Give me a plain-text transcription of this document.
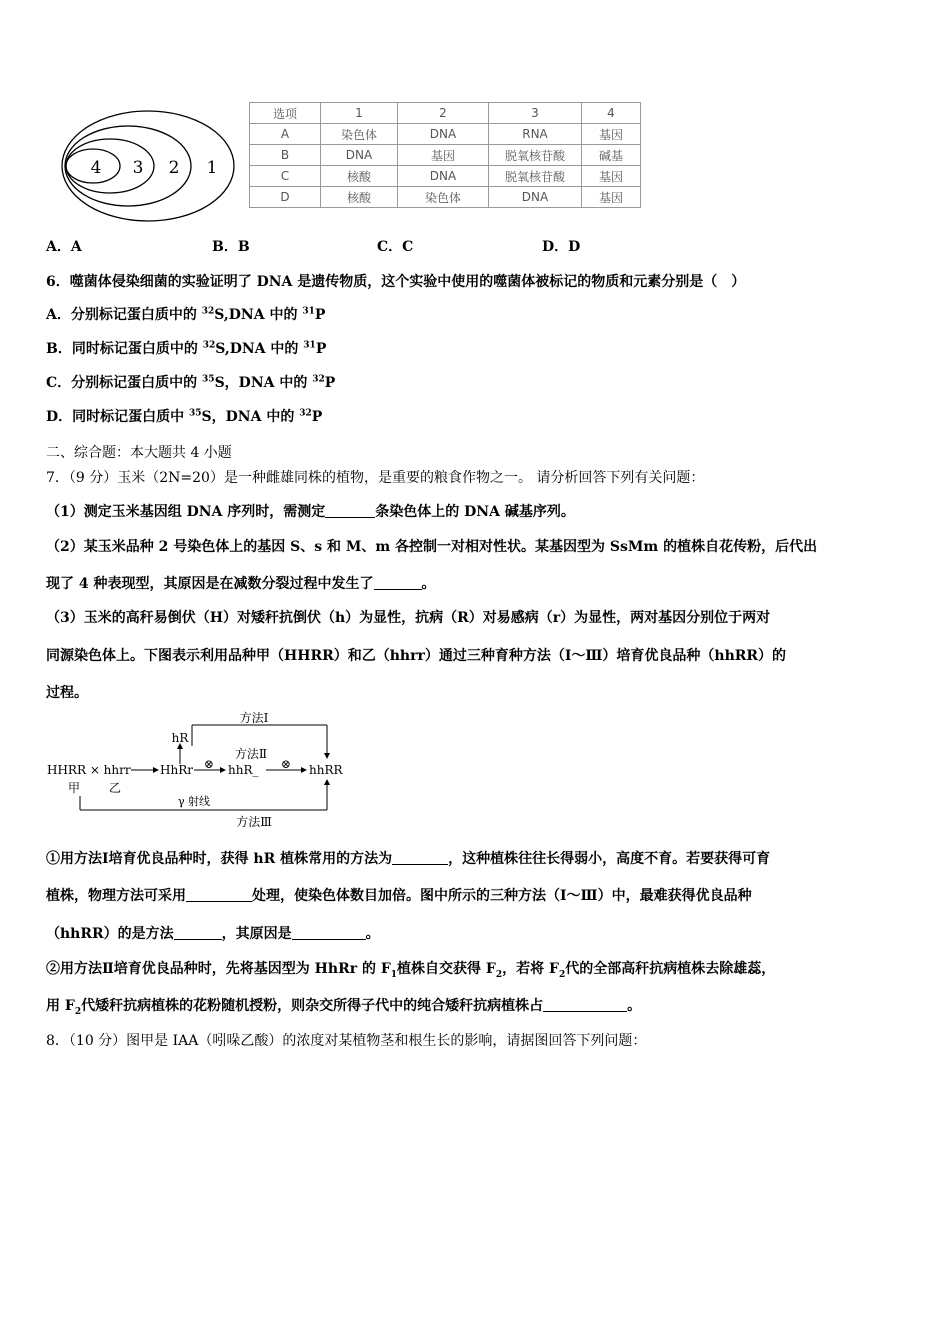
4 3 2 1
选项	1	2	3	4
A	染色体	DNA	RNA	基因
B	DNA	基因	脱氧核苷酸	碱基
C	核酸	DNA	脱氧核苷酸	基因
D	核酸	染色体	DNA	基因
A．A	B．B	C．C	D．D
6．噬菌体侵染细菌的实验证明了 DNA 是遗传物质，这个实验中使用的噬菌体被标记的物质和元素分别是（　）
A．分别标记蛋白质中的 $^{32}$S,DNA 中的 $^{31}$P
B．同时标记蛋白质中的 $^{32}$S,DNA 中的 $^{31}$P
C．分别标记蛋白质中的 $^{35}$S，DNA 中的 $^{32}$P
D．同时标记蛋白质中 $^{35}$S，DNA 中的 $^{32}$P
二、综合题：本大题共 4 小题
7．（9 分）玉米（2N=20）是一种雌雄同株的植物，是重要的粮食作物之一。 请分析回答下列有关问题：
（1）测定玉米基因组 DNA 序列时，需测定	条染色体上的 DNA 碱基序列。
（2）某玉米品种 2 号染色体上的基因 S、s 和 M、m 各控制一对相对性状。某基因型为 SsMm 的植株自花传粉，后代出
现了 4 种表现型，其原因是在减数分裂过程中发生了	。
（3）玉米的高秆易倒伏（H）对矮秆抗倒伏（h）为显性，抗病（R）对易感病（r）为显性，两对基因分别位于两对
同源染色体上。下图表示利用品种甲（HHRR）和乙（hhrr）通过三种育种方法（Ⅰ～Ⅲ）培育优良品种（hhRR）的
过程。
方法Ⅰ
hR
方法Ⅱ
HHRR × hhrr HhRr ⊗ hhR_ ⊗ hhRR
甲 乙
γ 射线
方法Ⅲ
①用方法Ⅰ培育优良品种时，获得 hR 植株常用的方法为	，这种植株往往长得弱小，高度不育。若要获得可育
植株，物理方法可采用	处理，使染色体数目加倍。图中所示的三种方法（Ⅰ～Ⅲ）中，最难获得优良品种
（hhRR）的是方法	，其原因是	。
②用方法Ⅱ培育优良品种时，先将基因型为 HhRr 的 $F_1$植株自交获得 $F_2$，若将 $F_2$代的全部高秆抗病植株去除雄蕊，
用 $F_2$代矮秆抗病植株的花粉随机授粉，则杂交所得子代中的纯合矮秆抗病植株占	。
8．（10 分）图甲是 IAA（吲哚乙酸）的浓度对某植物茎和根生长的影响，请据图回答下列问题：
